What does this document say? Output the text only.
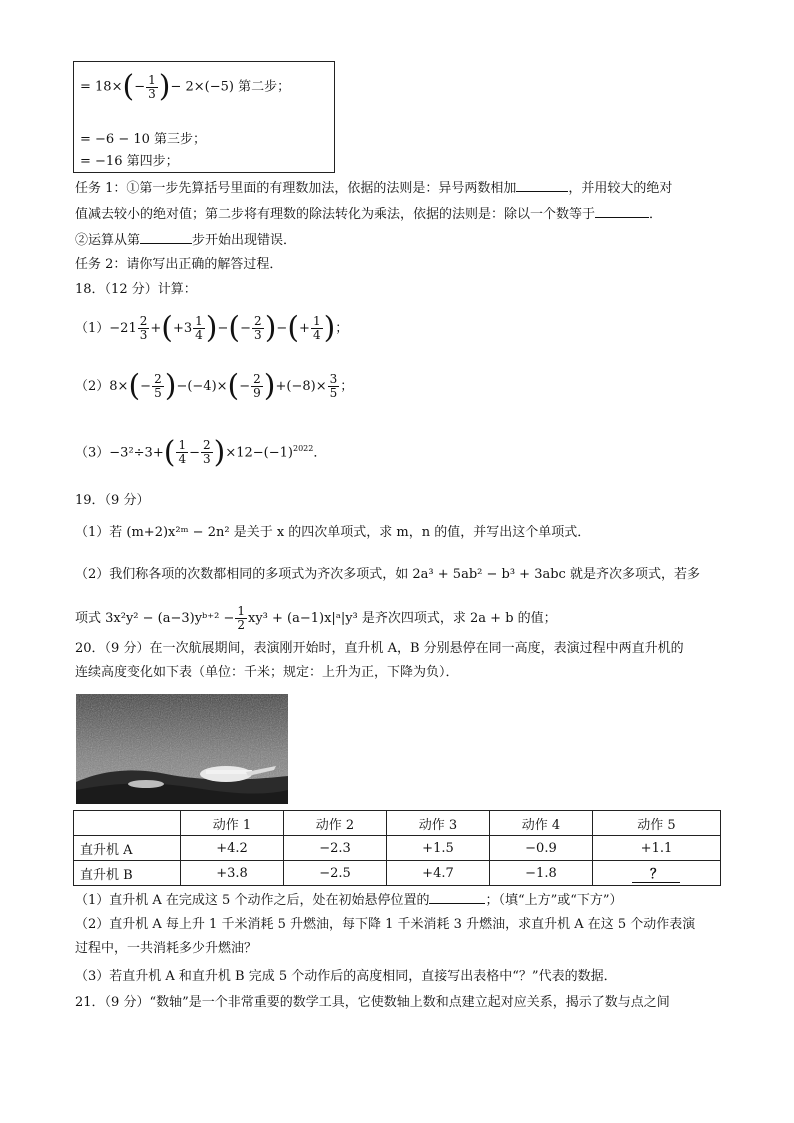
= $18\times(- \frac{1}{3}$ )− 2×(−5) 第二步；
= −6 − 10 第三步；
= −16 第四步；
任务 1：①第一步先算括号里面的有理数加法，依据的法则是：异号两数相加	，并用较大的绝对
值减去较小的绝对值；第二步将有理数的除法转化为乘法，依据的法则是：除以一个数等于	．
②运算从第	步开始出现错误．
任务 2：请你写出正确的解答过程．
18．（12 分）计算：
$(1)-21 \frac{2}{3} +(+3 \frac{1}{4}$ )−(− $\frac{2}{3}$ )−(+ $\frac{1}{4}$ )；
$(2)8\times(- \frac{2}{5} )-(-4)\times(- \frac{2}{9} )+(-8)\times \frac{3}{5}$ ；
$(3)-3^2\div 3+( \frac{1}{4} - \frac{2}{3} )\times 12-(-1)^{2022}$．
19．（9 分）
（1）若 (m+2)x²ᵐ − 2n² 是关于 x 的四次单项式，求 m，n 的值，并写出这个单项式．
（2）我们称各项的次数都相同的多项式为齐次多项式，如 2a³ + 5ab² − b³ + 3abc 就是齐次多项式，若多
项式 3x²y² − (a−3)yᵇ⁺² − $\frac{1}{2} xy^3$ + (a−1)x|ᵃ|y³ 是齐次四项式，求 2a + b 的值；
20．（9 分）在一次航展期间，表演刚开始时，直升机 A，B 分别悬停在同一高度，表演过程中两直升机的
连续高度变化如下表（单位：千米；规定：上升为正，下降为负）．
	动作 1	动作 2	动作 3	动作 4	动作 5
直升机 A	+4.2	−2.3	+1.5	−0.9	+1.1
直升机 B	+3.8	−2.5	+4.7	−1.8	？
（1）直升机 A 在完成这 5 个动作之后，处在初始悬停位置的	；（填“上方”或“下方”）
（2）直升机 A 每上升 1 千米消耗 5 升燃油，每下降 1 千米消耗 3 升燃油，求直升机 A 在这 5 个动作表演
过程中，一共消耗多少升燃油？
（3）若直升机 A 和直升机 B 完成 5 个动作后的高度相同，直接写出表格中“？”代表的数据．
21．（9 分）“数轴”是一个非常重要的数学工具，它使数轴上数和点建立起对应关系，揭示了数与点之间
